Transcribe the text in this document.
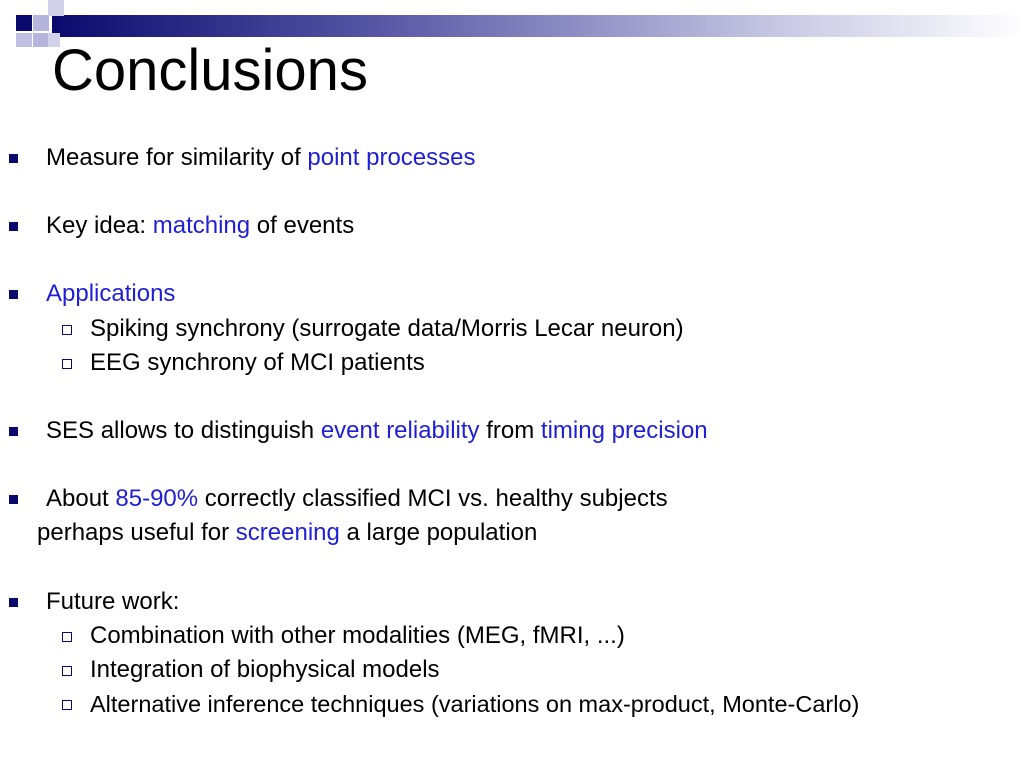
Conclusions
Measure for similarity of point processes
Key idea: matching of events
Applications
Spiking synchrony (surrogate data/Morris Lecar neuron)
EEG synchrony of MCI patients
SES allows to distinguish event reliability from timing precision
About 85-90% correctly classified MCI vs. healthy subjects
perhaps useful for screening a large population
Future work:
Combination with other modalities (MEG, fMRI, ...)
Integration of biophysical models
Alternative inference techniques (variations on max-product, Monte-Carlo)
